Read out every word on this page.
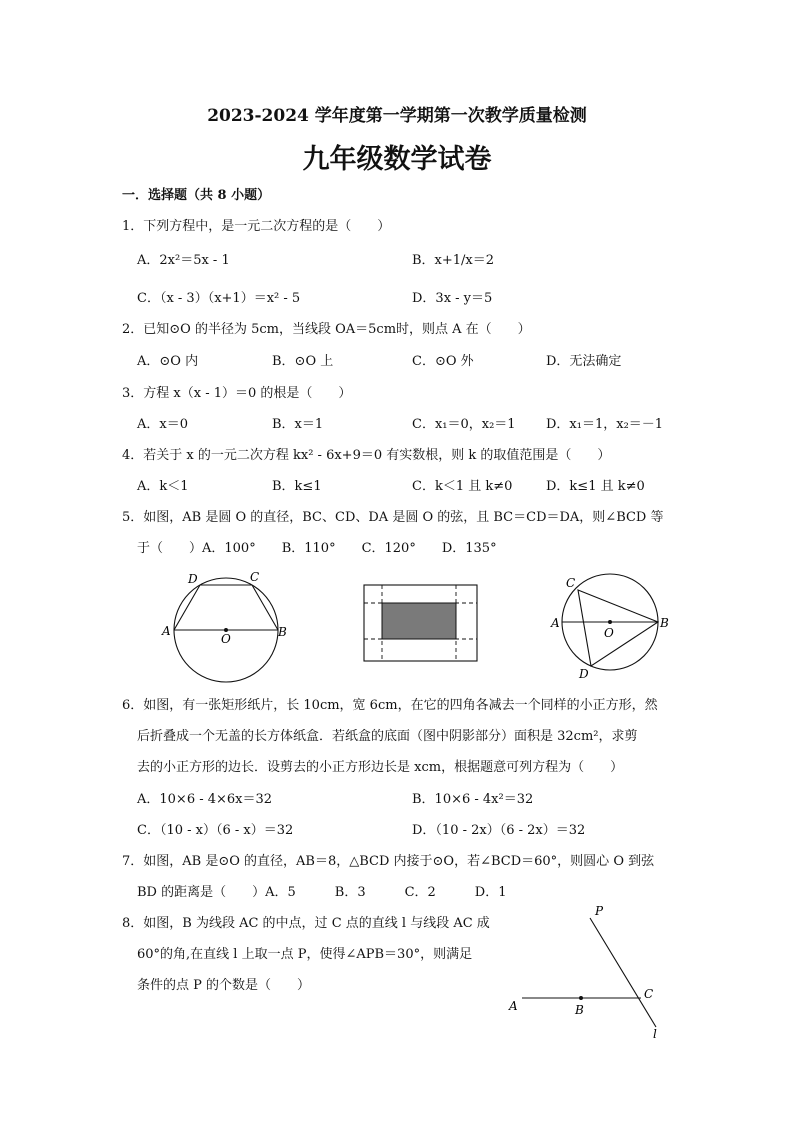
2023-2024 学年度第一学期第一次教学质量检测
九年级数学试卷
一．选择题（共 8 小题）
1．下列方程中，是一元二次方程的是（　　）
A．2x²＝5x - 1	B．x+1/x＝2
C．（x - 3）（x+1）＝x² - 5	D．3x - y＝5
2．已知⊙O 的半径为 5cm，当线段 OA＝5cm时，则点 A 在（　　）
A．⊙O 内	B．⊙O 上	C．⊙O 外	D．无法确定
3．方程 x（x - 1）＝0 的根是（　　）
A．x＝0	B．x＝1	C．x₁＝0，x₂＝1 D．x₁＝1，x₂＝－1
4．若关于 x 的一元二次方程 kx² - 6x+9＝0 有实数根，则 k 的取值范围是（　　）
A．k＜1	B．k≤1	C．k＜1 且 k≠0	D．k≤1 且 k≠0
5．如图，AB 是圆 O 的直径，BC、CD、DA 是圆 O 的弦，且 BC＝CD＝DA，则∠BCD 等
于（　　）A．100°　　B．110°　　C．120°　　D．135°
D	C
A
O	B
C
A
O
B
D
6．如图，有一张矩形纸片，长 10cm，宽 6cm，在它的四角各减去一个同样的小正方形，然
后折叠成一个无盖的长方体纸盒．若纸盒的底面（图中阴影部分）面积是 32cm²，求剪
去的小正方形的边长．设剪去的小正方形边长是 xcm，根据题意可列方程为（　　）
A．10×6 - 4×6x＝32	B．10×6 - 4x²＝32
C．（10 - x）（6 - x）＝32	D．（10 - 2x）（6 - 2x）＝32
7．如图，AB 是⊙O 的直径，AB＝8，△BCD 内接于⊙O，若∠BCD＝60°，则圆心 O 到弦
BD 的距离是（　　）A．5　　　B．3　　　C．2　　　D．1
8．如图，B 为线段 AC 的中点，过 C 点的直线 l 与线段 AC 成
60°的角,在直线 l 上取一点 P，使得∠APB＝30°，则满足
条件的点 P 的个数是（　　）
P
A	B
C
l
